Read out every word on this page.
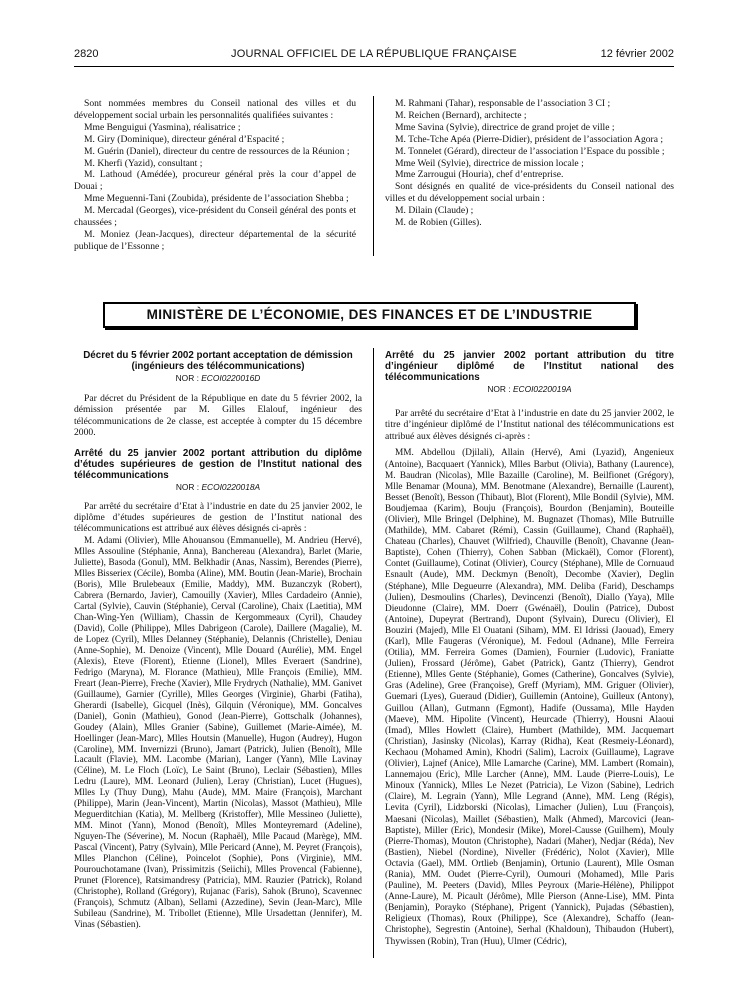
2820	JOURNAL OFFICIEL DE LA RÉPUBLIQUE FRANÇAISE	12 février 2002

Sont nommées membres du Conseil national des villes et du développement social urbain les personnalités qualifiées suivantes :

Mme Benguigui (Yasmina), réalisatrice ;

M. Giry (Dominique), directeur général d’Espacité ;

M. Guérin (Daniel), directeur du centre de ressources de la Réunion ;

M. Kherfi (Yazid), consultant ;

M. Lathoud (Amédée), procureur général près la cour d’appel de Douai ;

Mme Meguenni-Tani (Zoubida), présidente de l’association Shebba ;

M. Mercadal (Georges), vice-président du Conseil général des ponts et chaussées ;

M. Moniez (Jean-Jacques), directeur départemental de la sécurité publique de l’Essonne ;

M. Rahmani (Tahar), responsable de l’association 3 CI ;

M. Reichen (Bernard), architecte ;

Mme Savina (Sylvie), directrice de grand projet de ville ;

M. Tche-Tche Apéa (Pierre-Didier), président de l’association Agora ;

M. Tonnelet (Gérard), directeur de l’association l’Espace du possible ;

Mme Weil (Sylvie), directrice de mission locale ;

Mme Zarrougui (Houria), chef d’entreprise.

Sont désignés en qualité de vice-présidents du Conseil national des villes et du développement social urbain :

M. Dilain (Claude) ;

M. de Robien (Gilles).

MINISTÈRE DE L’ÉCONOMIE, DES FINANCES ET DE L’INDUSTRIE

Décret du 5 février 2002 portant acceptation de démission (ingénieurs des télécommunications)

NOR : ECOI0220016D

Par décret du Président de la République en date du 5 février 2002, la démission présentée par M. Gilles Elalouf, ingénieur des télécommunications de 2e classe, est acceptée à compter du 15 décembre 2000.

Arrêté du 25 janvier 2002 portant attribution du diplôme d’études supérieures de gestion de l’Institut national des télécommunications

NOR : ECOI0220018A

Par arrêté du secrétaire d’Etat à l’industrie en date du 25 janvier 2002, le diplôme d’études supérieures de gestion de l’Institut national des télécommunications est attribué aux élèves désignés ci-après :

M. Adami (Olivier), Mlle Ahouansou (Emmanuelle), M. Andrieu (Hervé), Mlles Assouline (Stéphanie, Anna), Banchereau (Alexandra), Barlet (Marie, Juliette), Basoda (Gonul), MM. Belkhadir (Anas, Nassim), Berendes (Pierre), Mlles Bisseriex (Cécile), Bomba (Aline), MM. Boutin (Jean-Marie), Brochain (Boris), Mlle Brulebeaux (Emilie, Maddy), MM. Buzanczyk (Robert), Cabrera (Bernardo, Javier), Camouilly (Xavier), Mlles Cardadeiro (Annie), Cartal (Sylvie), Cauvin (Stéphanie), Cerval (Caroline), Chaix (Laetitia), MM Chan-Wing-Yen (William), Chassin de Kergommeaux (Cyril), Chaudey (David), Colle (Philippe), Mlles Dabrigeon (Carole), Daillere (Magalie), M. de Lopez (Cyril), Mlles Delanney (Stéphanie), Delannis (Christelle), Deniau (Anne-Sophie), M. Denoize (Vincent), Mlle Douard (Aurélie), MM. Engel (Alexis), Eteve (Florent), Etienne (Lionel), Mlles Everaert (Sandrine), Fedrigo (Maryna), M. Florance (Mathieu), Mlle François (Emilie), MM. Freart (Jean-Pierre), Freche (Xavier), Mlle Frydrych (Nathalie), MM. Ganivet (Guillaume), Garnier (Cyrille), Mlles Georges (Virginie), Gharbi (Fatiha), Gherardi (Isabelle), Gicquel (Inès), Gilquin (Véronique), MM. Goncalves (Daniel), Gonin (Mathieu), Gonod (Jean-Pierre), Gottschalk (Johannes), Goudey (Alain), Mlles Granier (Sabine), Guillemet (Marie-Aimée), M. Hoellinger (Jean-Marc), Mlles Houtsin (Manuelle), Hugon (Audrey), Hugon (Caroline), MM. Invernizzi (Bruno), Jamart (Patrick), Julien (Benoît), Mlle Lacault (Flavie), MM. Lacombe (Marian), Langer (Yann), Mlle Lavinay (Céline), M. Le Floch (Loïc), Le Saint (Bruno), Leclair (Sébastien), Mlles Ledru (Laure), MM. Leonard (Julien), Leray (Christian), Lucet (Hugues), Mlles Ly (Thuy Dung), Mahu (Aude), MM. Maire (François), Marchant (Philippe), Marin (Jean-Vincent), Martin (Nicolas), Massot (Mathieu), Mlle Meguerditchian (Katia), M. Mellberg (Kristoffer), Mlle Messineo (Juliette), MM. Minot (Yann), Monod (Benoît), Mlles Monteyremard (Adeline), Nguyen-The (Séverine), M. Nocun (Raphaël), Mlle Pacaud (Marège), MM. Pascal (Vincent), Patry (Sylvain), Mlle Pericard (Anne), M. Peyret (François), Mlles Planchon (Céline), Poincelot (Sophie), Pons (Virginie), MM. Pourouchotamane (Ivan), Prissimitzis (Seiichi), Mlles Provencal (Fabienne), Prunet (Florence), Ratsimandresy (Patricia), MM. Rauzier (Patrick), Roland (Christophe), Rolland (Grégory), Rujanac (Faris), Sahok (Bruno), Scavennec (François), Schmutz (Alban), Sellami (Azzedine), Sevin (Jean-Marc), Mlle Subileau (Sandrine), M. Tribollet (Etienne), Mlle Ursadettan (Jennifer), M. Vinas (Sébastien).

Arrêté du 25 janvier 2002 portant attribution du titre d’ingénieur diplômé de l’Institut national des télécommunications

NOR : ECOI0220019A

Par arrêté du secrétaire d’Etat à l’industrie en date du 25 janvier 2002, le titre d’ingénieur diplômé de l’Institut national des télécommunications est attribué aux élèves désignés ci-après :

MM. Abdellou (Djilali), Allain (Hervé), Ami (Lyazid), Angenieux (Antoine), Bacquaert (Yannick), Mlles Barbut (Olivia), Bathany (Laurence), M. Baudran (Nicolas), Mlle Bazaille (Caroline), M. Beilfionet (Grégory), Mlle Benamar (Mouna), MM. Benotmane (Alexandre), Bernaille (Laurent), Besset (Benoît), Besson (Thibaut), Blot (Florent), Mlle Bondil (Sylvie), MM. Boudjemaa (Karim), Bouju (François), Bourdon (Benjamin), Bouteille (Olivier), Mlle Bringel (Delphine), M. Bugnazet (Thomas), Mlle Butruille (Mathilde), MM. Cabaret (Rémi), Cassin (Guillaume), Chand (Raphaël), Chateau (Charles), Chauvet (Wilfried), Chauville (Benoît), Chavanne (Jean-Baptiste), Cohen (Thierry), Cohen Sabban (Mickaël), Comor (Florent), Contet (Guillaume), Cotinat (Olivier), Courcy (Stéphane), Mlle de Cornuaud Esnault (Aude), MM. Deckmyn (Benoît), Decombe (Xavier), Deglin (Stéphane), Mlle Degueurre (Alexandra), MM. Deliba (Farid), Deschamps (Julien), Desmoulins (Charles), Devincenzi (Benoît), Diallo (Yaya), Mlle Dieudonne (Claire), MM. Doerr (Gwénaël), Doulin (Patrice), Dubost (Antoine), Dupeyrat (Bertrand), Dupont (Sylvain), Durecu (Olivier), El Bouziri (Majed), Mlle El Ouatani (Siham), MM. El Idrissi (Jaouad), Emery (Karl), Mlle Faugeras (Véronique), M. Fedoul (Adnane), Mlle Ferreira (Otilia), MM. Ferreira Gomes (Damien), Fournier (Ludovic), Franiatte (Julien), Frossard (Jérôme), Gabet (Patrick), Gantz (Thierry), Gendrot (Etienne), Mlles Gente (Stéphanie), Gomes (Catherine), Goncalves (Sylvie), Gras (Adeline), Gree (Françoise), Greff (Myriam), MM. Griguer (Olivier), Guemari (Lyes), Gueraud (Didier), Guillemin (Antoine), Guilleux (Antony), Guillou (Allan), Gutmann (Egmont), Hadife (Oussama), Mlle Hayden (Maeve), MM. Hipolite (Vincent), Heurcade (Thierry), Housni Alaoui (Imad), Mlles Howlett (Claire), Humbert (Mathilde), MM. Jacquemart (Christian), Jasinsky (Nicolas), Karray (Ridha), Keat (Resmeiy-Léonard), Kechaou (Mohamed Amin), Khodri (Salim), Lacroix (Guillaume), Lagrave (Olivier), Lajnef (Anice), Mlle Lamarche (Carine), MM. Lambert (Romain), Lannemajou (Eric), Mlle Larcher (Anne), MM. Laude (Pierre-Louis), Le Minoux (Yannick), Mlles Le Nezet (Patricia), Le Vizon (Sabine), Ledrich (Claire), M. Legrain (Yann), Mlle Legrand (Anne), MM. Leng (Régis), Levita (Cyril), Lidzborski (Nicolas), Limacher (Julien), Luu (François), Maesani (Nicolas), Maillet (Sébastien), Malk (Ahmed), Marcovici (Jean-Baptiste), Miller (Eric), Mondesir (Mike), Morel-Causse (Guilhem), Mouly (Pierre-Thomas), Mouton (Christophe), Nadari (Maher), Nedjar (Réda), Nev (Bastien), Niebel (Nordine), Niveller (Frédéric), Nolot (Xavier), Mlle Octavia (Gael), MM. Ortlieb (Benjamin), Ortunio (Laurent), Mlle Osman (Rania), MM. Oudet (Pierre-Cyril), Oumouri (Mohamed), Mlle Paris (Pauline), M. Peeters (David), Mlles Peyroux (Marie-Hélène), Philippot (Anne-Laure), M. Picault (Jérôme), Mlle Pierson (Anne-Lise), MM. Pinta (Benjamin), Porayko (Stéphane), Prigent (Yannick), Pujadas (Sébastien), Religieux (Thomas), Roux (Philippe), Sce (Alexandre), Schaffo (Jean-Christophe), Segrestin (Antoine), Serhal (Khaldoun), Thibaudon (Hubert), Thywissen (Robin), Tran (Huu), Ulmer (Cédric),
